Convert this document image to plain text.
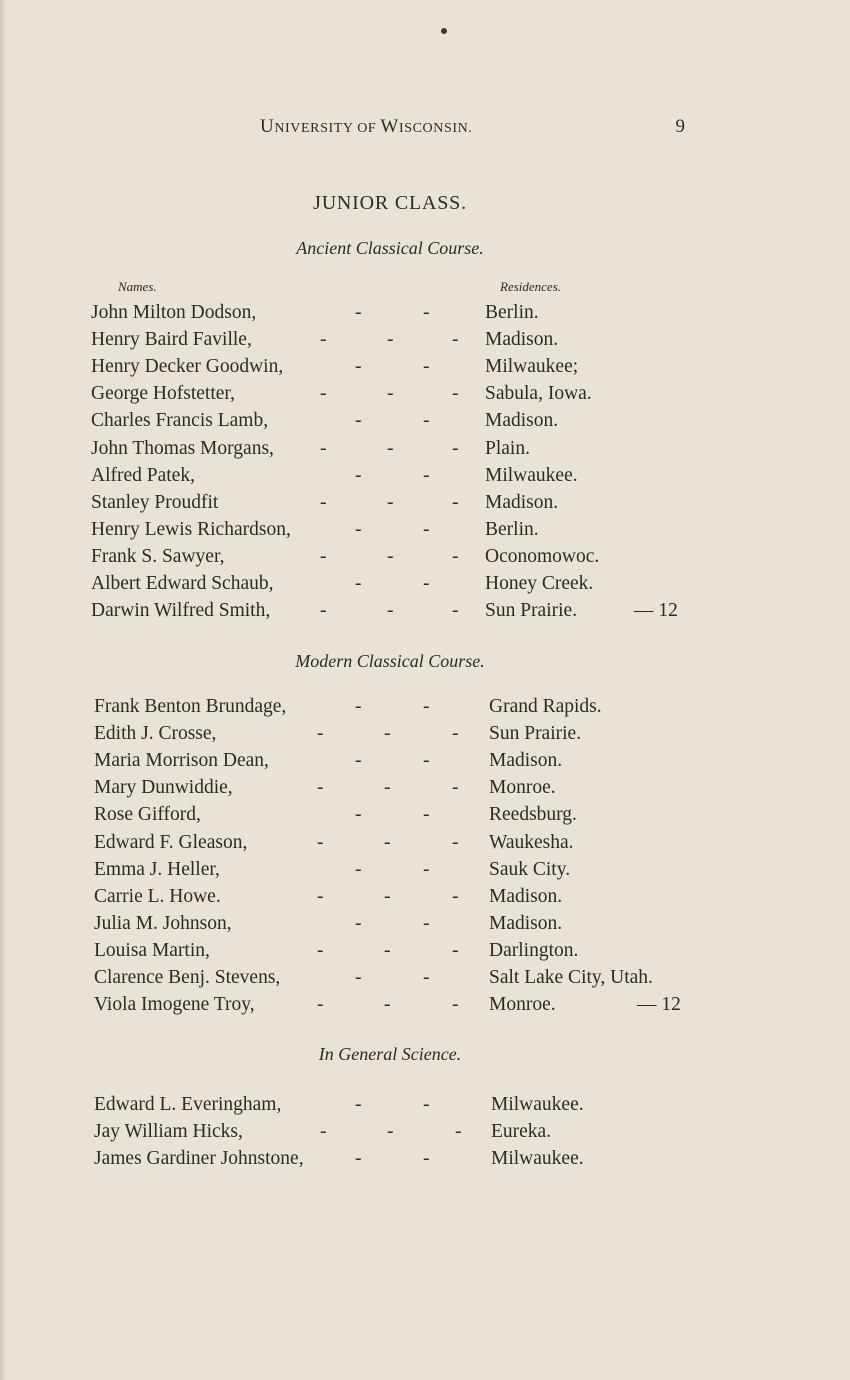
UNIVERSITY OF WISCONSIN.	9
JUNIOR CLASS.
Ancient Classical Course.
Names.	Residences.
Modern Classical Course.
In General Science.
John Milton Dodson,	-	-	Berlin.
Henry Baird Faville,	-	-	- Madison.
Henry Decker Goodwin,	-	-	Milwaukee;
George Hofstetter,	-	-	- Sabula, Iowa.
Charles Francis Lamb,	-	-	Madison.
John Thomas Morgans, -	-	- Plain.
Alfred Patek,	-	-	Milwaukee.
Stanley Proudfit	-	-	- Madison.
Henry Lewis Richardson,	-	-	Berlin.
Frank S. Sawyer,	-	-	- Oconomowoc.
Albert Edward Schaub,	-	-	Honey Creek.
Darwin Wilfred Smith,	-	-	- Sun Prairie.	— 12
Frank Benton Brundage,	-	-	Grand Rapids.
Edith J. Crosse,	-	-	- Sun Prairie.
Maria Morrison Dean,	-	-	Madison.
Mary Dunwiddie,	-	-	- Monroe.
Rose Gifford,	-	-	Reedsburg.
Edward F. Gleason,	-	-	- Waukesha.
Emma J. Heller,	-	-	Sauk City.
Carrie L. Howe.	-	-	- Madison.
Julia M. Johnson,	-	-	Madison.
Louisa Martin,	-	-	- Darlington.
Clarence Benj. Stevens,	-	-	Salt Lake City, Utah.
Viola Imogene Troy,	-	-	- Monroe.	— 12
Edward L. Everingham,	-	-	Milwaukee.
Jay William Hicks,	-	-	- Eureka.
James Gardiner Johnstone,	-	-	Milwaukee.
